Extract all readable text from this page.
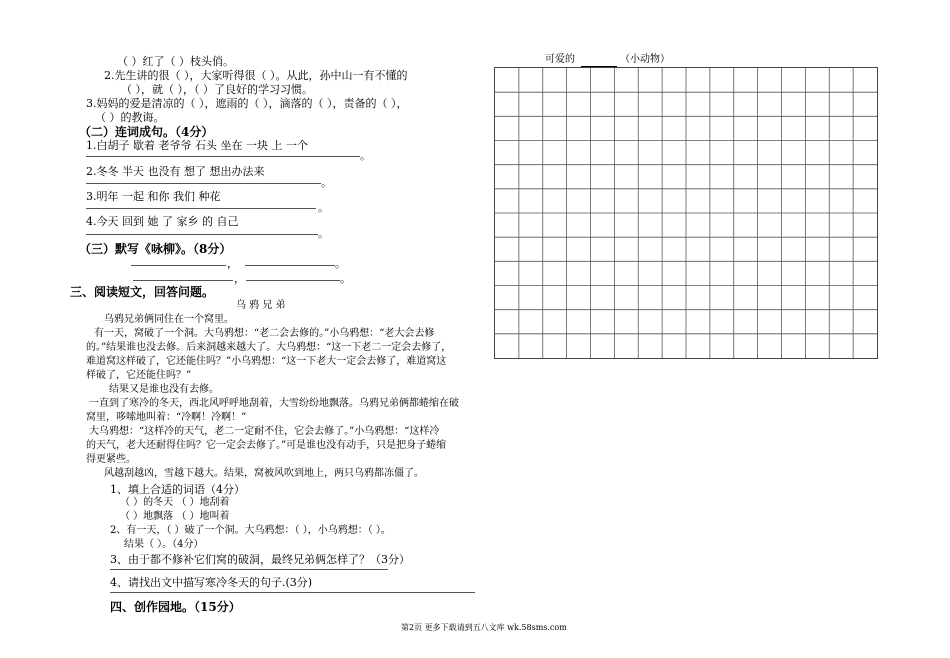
（ ）红了（ ）枝头俏。
2.先生讲的很（ ），大家听得很（ ）。从此，孙中山一有不懂的
（ ），就（ ），（ ）了良好的学习习惯。
3.妈妈的爱是清凉的（ ），遮雨的（ ），滴落的（ ），责备的（ ），
（ ）的教诲。
（二）连词成句。（4分）
1.白胡子 歇着 老爷爷 石头 坐在 一块 上 一个
。
2.冬冬 半天 也没有 想了 想出办法来
。
3.明年 一起 和你 我们 种花
。
4.今天 回到 她 了 家乡 的 自己
。
（三）默写《咏柳》。（8分）
，	。
，	。
三、阅读短文，回答问题。
乌 鸦 兄 弟
乌鸦兄弟俩同住在一个窝里。
有一天，窝破了一个洞。大乌鸦想：“老二会去修的。”小乌鸦想：“老大会去修
的。”结果谁也没去修。后来洞越来越大了。大乌鸦想：“这一下老二一定会去修了，
难道窝这样破了，它还能住吗？”小乌鸦想：“这一下老大一定会去修了，难道窝这
样破了，它还能住吗？”
结果又是谁也没有去修。
一直到了寒冷的冬天，西北风呼呼地刮着，大雪纷纷地飘落。乌鸦兄弟俩都蜷缩在破
窝里，哆嗦地叫着：“冷啊！冷啊！”
大乌鸦想：“这样冷的天气，老二一定耐不住，它会去修了。”小乌鸦想：“这样冷
的天气，老大还耐得住吗？它一定会去修了。”可是谁也没有动手，只是把身子蜷缩
得更紧些。
风越刮越凶，雪越下越大。结果，窝被风吹到地上，两只乌鸦都冻僵了。
1、填上合适的词语（4分）
（ ）的冬天 （ ）地刮着
（ ）地飘落 （ ）地叫着
2、有一天，（ ）破了一个洞。大乌鸦想：（ ），小乌鸦想：（ ）。
结果（ ）。（4分）
3、由于都不修补它们窝的破洞，最终兄弟俩怎样了？（3分）
4、请找出文中描写寒冷冬天的句子.(3分)
四、创作园地。（15分）
可爱的	（小动物）
第2页 更多下载请到五八文库 wk.58sms.com
